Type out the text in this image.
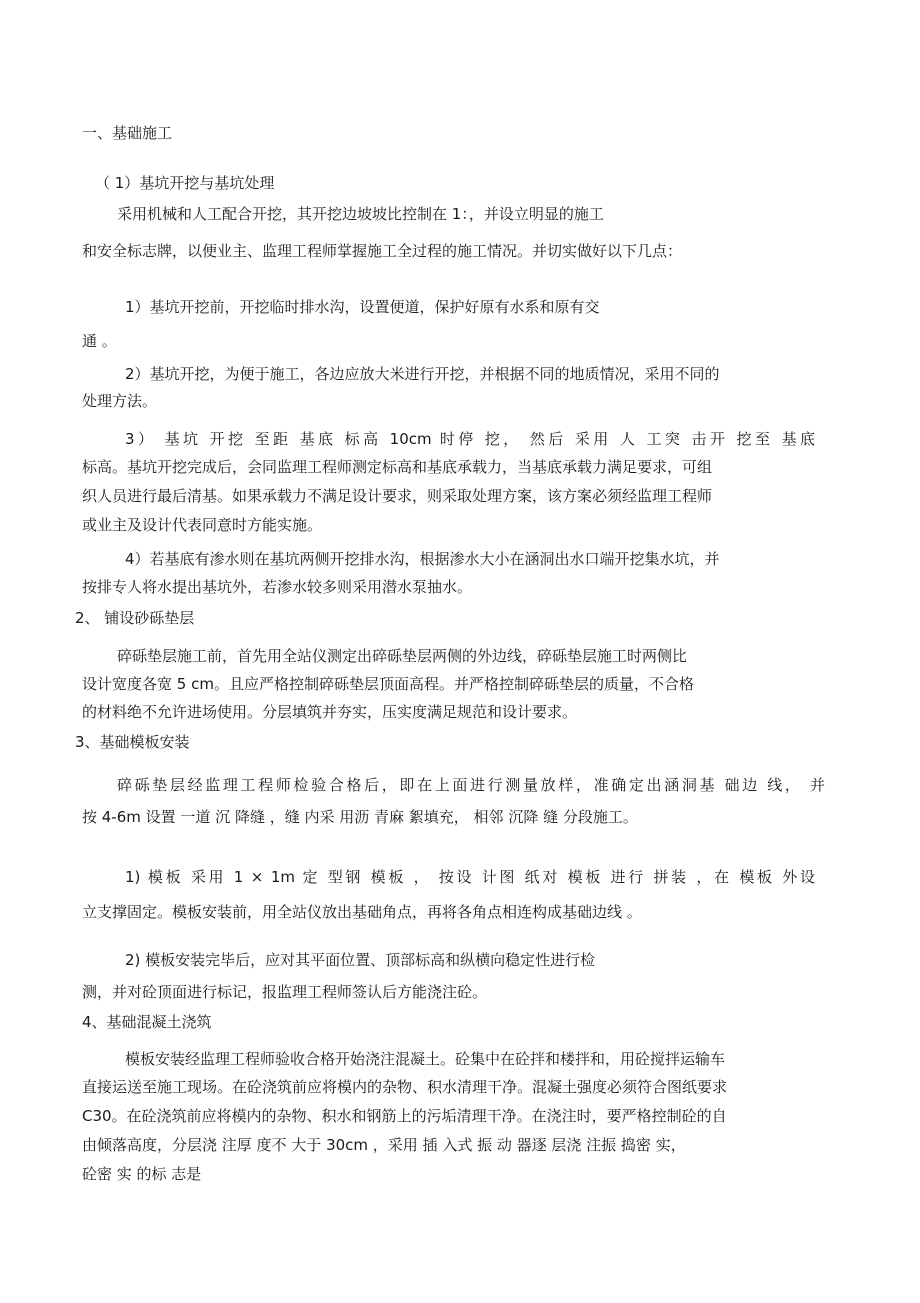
一、基础施工
（ 1）基坑开挖与基坑处理
采用机械和人工配合开挖，其开挖边坡坡比控制在 1：，并设立明显的施工
和安全标志牌，以便业主、监理工程师掌握施工全过程的施工情况。并切实做好以下几点：
1）基坑开挖前，开挖临时排水沟，设置便道，保护好原有水系和原有交
通 。
2）基坑开挖，为便于施工，各边应放大米进行开挖，并根据不同的地质情况，采用不同的
处理方法。
3） 基坑 开挖 至距 基底 标高 10cm 时停 挖， 然后 采用 人 工突 击开 挖至 基底
标高。基坑开挖完成后，会同监理工程师测定标高和基底承载力，当基底承载力满足要求，可组
织人员进行最后清基。如果承载力不满足设计要求，则采取处理方案，该方案必须经监理工程师
或业主及设计代表同意时方能实施。
4）若基底有渗水则在基坑两侧开挖排水沟，根据渗水大小在涵洞出水口端开挖集水坑，并
按排专人将水提出基坑外，若渗水较多则采用潜水泵抽水。
2、 铺设砂砾垫层
碎砾垫层施工前，首先用全站仪测定出碎砾垫层两侧的外边线，碎砾垫层施工时两侧比
设计宽度各宽 5 cm。且应严格控制碎砾垫层顶面高程。并严格控制碎砾垫层的质量，不合格
的材料绝不允许进场使用。分层填筑并夯实，压实度满足规范和设计要求。
3、基础模板安装
碎砾垫层经监理工程师检验合格后，即在上面进行测量放样，准确定出涵洞基 础边 线， 并
按 4-6m 设置 一道 沉 降缝 ，缝 内采 用沥 青麻 絮填充， 相邻 沉降 缝 分段施工。
1) 模板 采用 1 × 1m 定 型钢 模板 ， 按设 计图 纸对 模板 进行 拼装 ，在 模板 外设
立支撑固定。模板安装前，用全站仪放出基础角点，再将各角点相连构成基础边线 。
2) 模板安装完毕后，应对其平面位置、顶部标高和纵横向稳定性进行检
测，并对砼顶面进行标记，报监理工程师签认后方能浇注砼。
4、基础混凝土浇筑
模板安装经监理工程师验收合格开始浇注混凝土。砼集中在砼拌和楼拌和，用砼搅拌运输车
直接运送至施工现场。在砼浇筑前应将模内的杂物、积水清理干净。混凝土强度必须符合图纸要求
C30。在砼浇筑前应将模内的杂物、积水和钢筋上的污垢清理干净。在浇注时，要严格控制砼的自
由倾落高度，分层浇 注厚 度不 大于 30cm ，采用 插 入式 振 动 器逐 层浇 注振 捣密 实，
砼密 实 的标 志是
